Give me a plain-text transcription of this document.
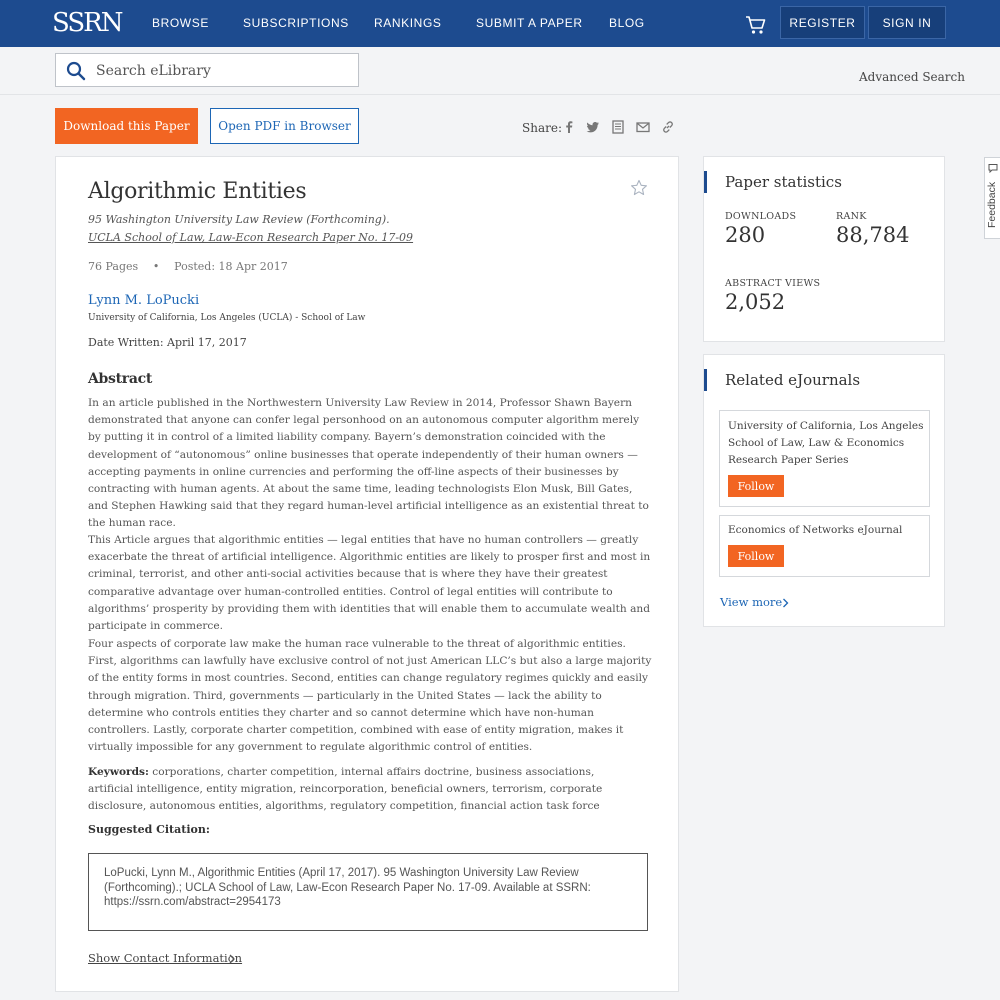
SSRN	BROWSE	SUBSCRIPTIONS RANKINGS	SUBMIT A PAPER BLOG	REGISTER	SIGN IN
Search eLibrary
Advanced Search
Download this Paper	Open PDF in Browser	Share:
Algorithmic Entities
95 Washington University Law Review (Forthcoming).
UCLA School of Law, Law-Econ Research Paper No. 17-09
76 Pages • Posted: 18 Apr 2017
Lynn M. LoPucki
University of California, Los Angeles (UCLA) - School of Law
Date Written: April 17, 2017
Abstract

In an article published in the Northwestern University Law Review in 2014, Professor Shawn Bayern demonstrated that anyone can confer legal personhood on an autonomous computer algorithm merely by putting it in control of a limited liability company. Bayern’s demonstration coincided with the development of “autonomous” online businesses that operate independently of their human owners — accepting payments in online currencies and performing the off-line aspects of their businesses by contracting with human agents. At about the same time, leading technologists Elon Musk, Bill Gates, and Stephen Hawking said that they regard human-level artificial intelligence as an existential threat to the human race.

This Article argues that algorithmic entities — legal entities that have no human controllers — greatly exacerbate the threat of artificial intelligence. Algorithmic entities are likely to prosper first and most in criminal, terrorist, and other anti-social activities because that is where they have their greatest comparative advantage over human-controlled entities. Control of legal entities will contribute to algorithms’ prosperity by providing them with identities that will enable them to accumulate wealth and participate in commerce.

Four aspects of corporate law make the human race vulnerable to the threat of algorithmic entities. First, algorithms can lawfully have exclusive control of not just American LLC’s but also a large majority of the entity forms in most countries. Second, entities can change regulatory regimes quickly and easily through migration. Third, governments — particularly in the United States — lack the ability to determine who controls entities they charter and so cannot determine which have non-human controllers. Lastly, corporate charter competition, combined with ease of entity migration, makes it virtually impossible for any government to regulate algorithmic control of entities.

Keywords: corporations, charter competition, internal affairs doctrine, business associations, artificial intelligence, entity migration, reincorporation, beneficial owners, terrorism, corporate disclosure, autonomous entities, algorithms, regulatory competition, financial action task force
Suggested Citation:
LoPucki, Lynn M., Algorithmic Entities (April 17, 2017). 95 Washington University Law Review (Forthcoming).; UCLA School of Law, Law-Econ Research Paper No. 17-09. Available at SSRN: https://ssrn.com/abstract=2954173
Show Contact Information
Paper statistics
DOWNLOADS
280
RANK
88,784
ABSTRACT VIEWS
2,052
Related eJournals
University of California, Los Angeles School of Law, Law & Economics Research Paper Series
Follow
Economics of Networks eJournal
Follow
View more
Feedback
